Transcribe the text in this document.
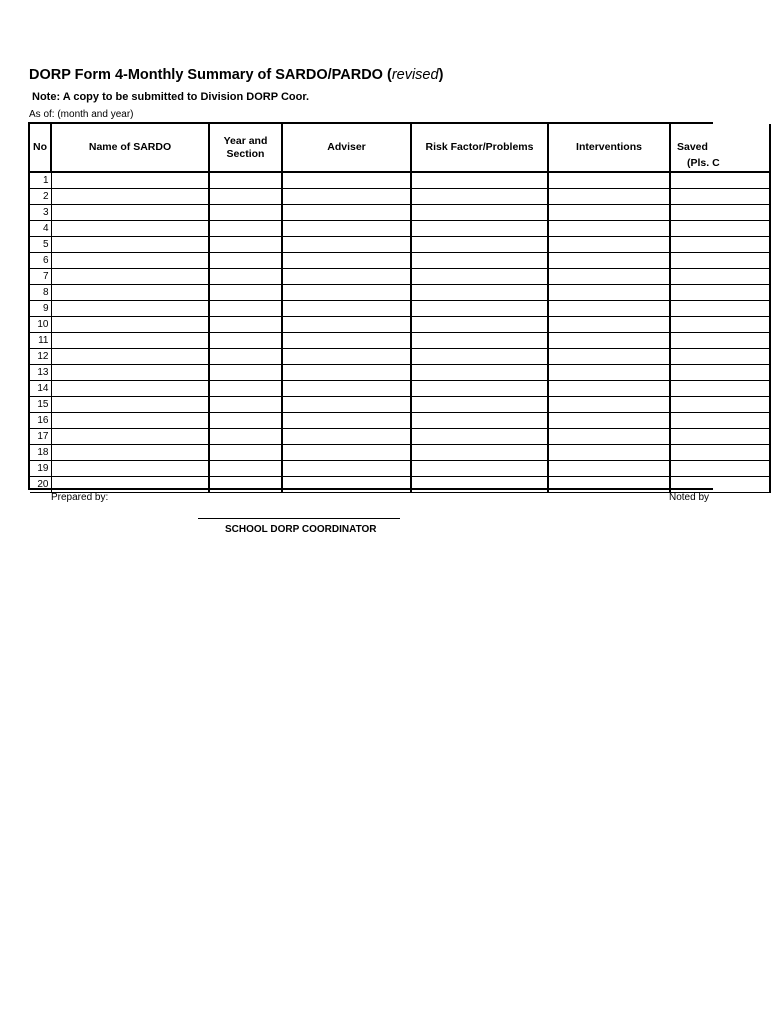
DORP Form 4-Monthly Summary of SARDO/PARDO (revised)
Note: A copy to be submitted to Division DORP Coor.
As of: (month and year)
No	Name of SARDO	Year and Section	Adviser	Risk Factor/Problems	Interventions	Saved
(Pls. C

1						
2						
3						
4						
5						
6						
7						
8						
9						
10						
11						
12						
13						
14						
15						
16						
17						
18						
19						
20						
Prepared by:	Noted by
SCHOOL DORP COORDINATOR
